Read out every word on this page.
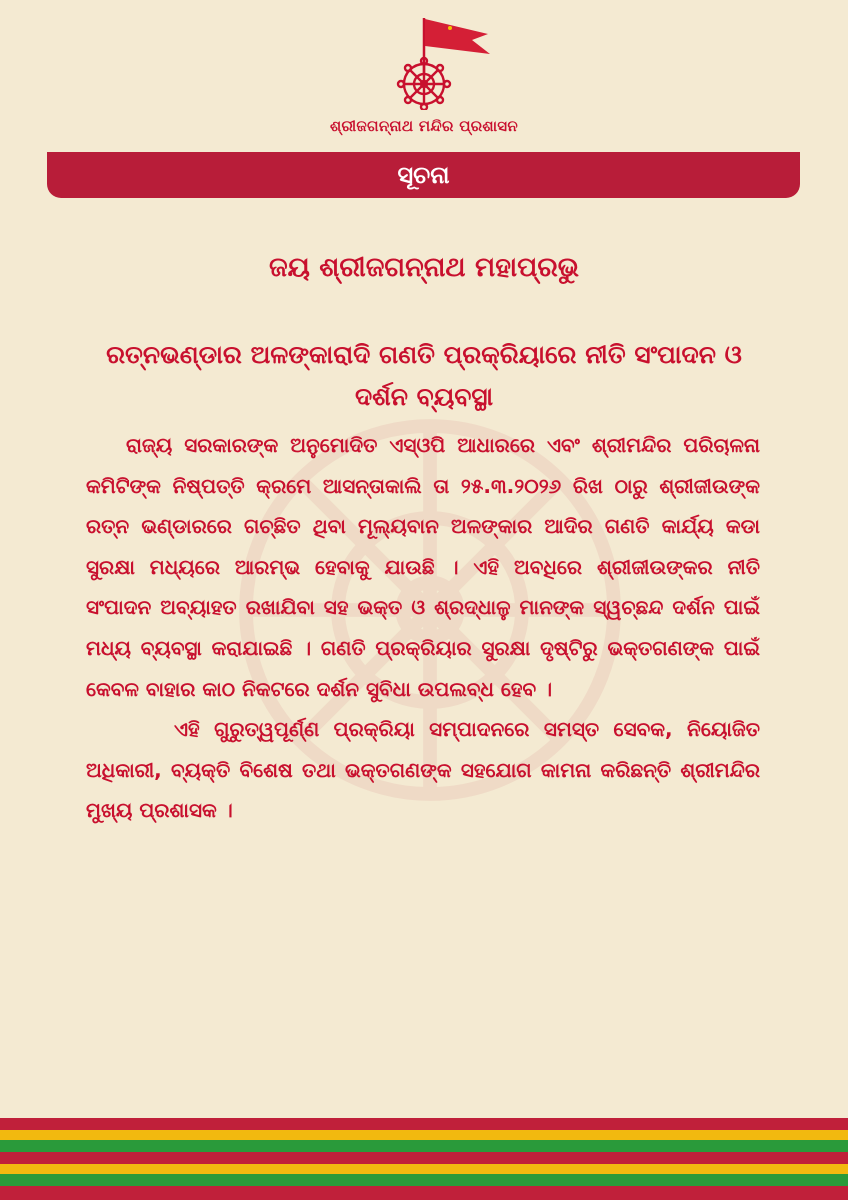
ଶ୍ରୀଜଗନ୍ନାଥ ମନ୍ଦିର ପ୍ରଶାସନ
ସୂଚନା
ଜୟ ଶ୍ରୀଜଗନ୍ନାଥ ମହାପ୍ରଭୁ
ରତ୍ନଭଣ୍ଡାର ଅଳଙ୍କାରାଦି ଗଣତି ପ୍ରକ୍ରିୟାରେ ନୀତି ସଂପାଦନ ଓ ଦର୍ଶନ ବ୍ୟବସ୍ଥା

ରାଜ୍ୟ ସରକାରଙ୍କ ଅନୁମୋଦିତ ଏସ୍‌ଓପି ଆଧାରରେ ଏବଂ ଶ୍ରୀମନ୍ଦିର ପରିଚାଳନା କମିଟିଙ୍କ ନିଷ୍ପତ୍ତି କ୍ରମେ ଆସନ୍ତାକାଲି ତା ୨୫.୩.୨୦୨୬ ରିଖ ଠାରୁ ଶ୍ରୀଜୀଉଙ୍କ ରତ୍ନ ଭଣ୍ଡାରରେ ଗଚ୍ଛିତ ଥିବା ମୂଲ୍ୟବାନ ଅଳଙ୍କାର ଆଦିର ଗଣତି କାର୍ଯ୍ୟ କଡା ସୁରକ୍ଷା ମଧ୍ୟରେ ଆରମ୍ଭ ହେବାକୁ ଯାଉଛି । ଏହି ଅବଧିରେ ଶ୍ରୀଜୀଉଙ୍କର ନୀତି ସଂପାଦନ ଅବ୍ୟାହତ ରଖାଯିବା ସହ ଭକ୍ତ ଓ ଶ୍ରଦ୍ଧାଳୁ ମାନଙ୍କ ସ୍ୱଚ୍ଛନ୍ଦ ଦର୍ଶନ ପାଇଁ ମଧ୍ୟ ବ୍ୟବସ୍ଥା କରାଯାଇଛି । ଗଣତି ପ୍ରକ୍ରିୟାର ସୁରକ୍ଷା ଦୃଷ୍ଟିରୁ ଭକ୍ତଗଣଙ୍କ ପାଇଁ କେବଳ ବାହାର କାଠ ନିକଟରେ ଦର୍ଶନ ସୁବିଧା ଉପଲବ୍ଧ ହେବ ।

ଏହି ଗୁରୁତ୍ୱପୂର୍ଣ୍ଣ ପ୍ରକ୍ରିୟା ସମ୍ପାଦନରେ ସମସ୍ତ ସେବକ, ନିୟୋଜିତ ଅଧିକାରୀ, ବ୍ୟକ୍ତି ବିଶେଷ ତଥା ଭକ୍ତଗଣଙ୍କ ସହଯୋଗ କାମନା କରିଛନ୍ତି ଶ୍ରୀମନ୍ଦିର ମୁଖ୍ୟ ପ୍ରଶାସକ ।
